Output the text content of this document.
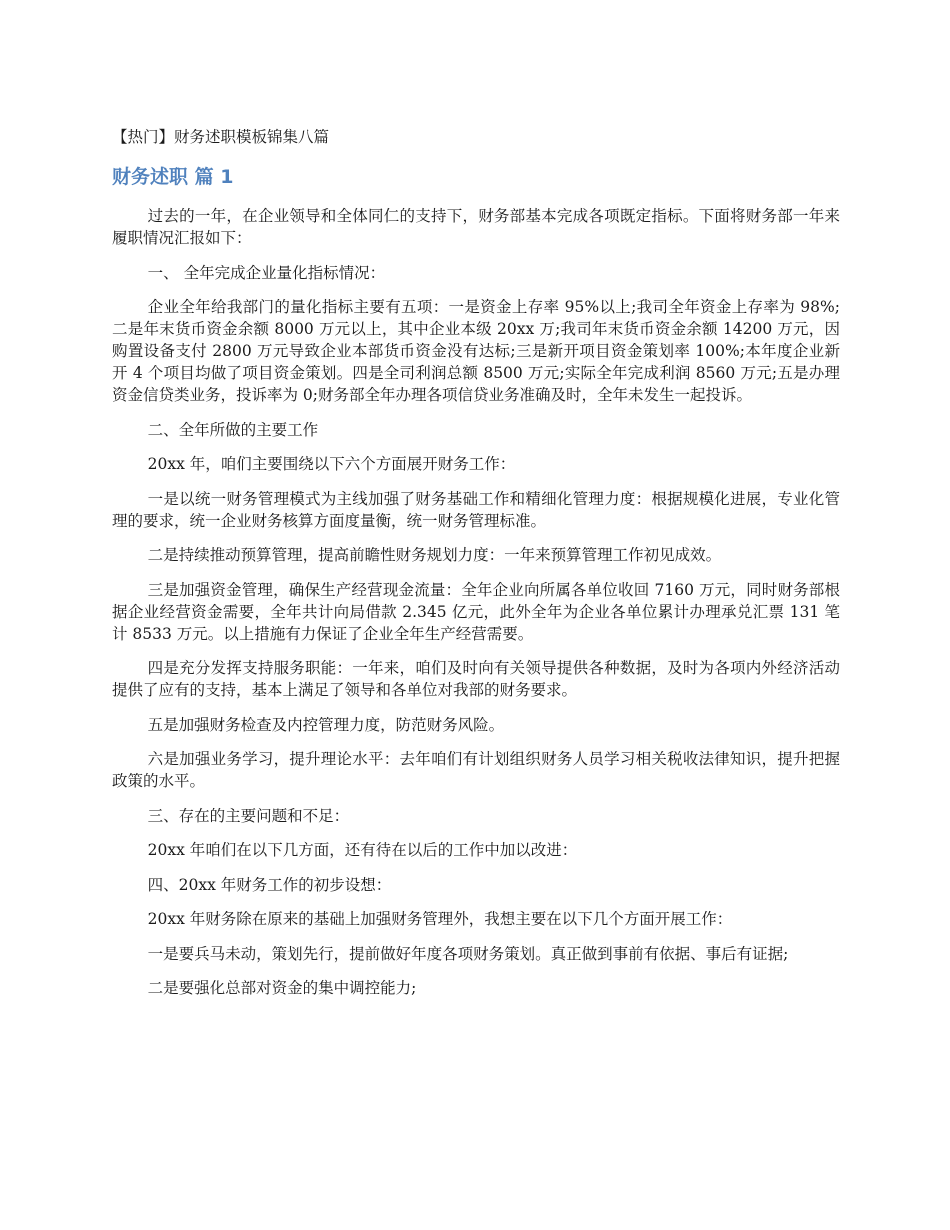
【热门】财务述职模板锦集八篇
财务述职 篇 1

过去的一年，在企业领导和全体同仁的支持下，财务部基本完成各项既定指标。下面将财务部一年来履职情况汇报如下：

一、 全年完成企业量化指标情况：

企业全年给我部门的量化指标主要有五项：一是资金上存率 95%以上;我司全年资金上存率为 98%;二是年末货币资金余额 8000 万元以上，其中企业本级 20xx 万;我司年末货币资金余额 14200 万元，因购置设备支付 2800 万元导致企业本部货币资金没有达标;三是新开项目资金策划率 100%;本年度企业新开 4 个项目均做了项目资金策划。四是全司利润总额 8500 万元;实际全年完成利润 8560 万元;五是办理资金信贷类业务，投诉率为 0;财务部全年办理各项信贷业务准确及时，全年未发生一起投诉。

二、全年所做的主要工作

20xx 年，咱们主要围绕以下六个方面展开财务工作：

一是以统一财务管理模式为主线加强了财务基础工作和精细化管理力度：根据规模化进展，专业化管理的要求，统一企业财务核算方面度量衡，统一财务管理标准。

二是持续推动预算管理，提高前瞻性财务规划力度：一年来预算管理工作初见成效。

三是加强资金管理，确保生产经营现金流量：全年企业向所属各单位收回 7160 万元，同时财务部根据企业经营资金需要，全年共计向局借款 2.345 亿元，此外全年为企业各单位累计办理承兑汇票 131 笔计 8533 万元。以上措施有力保证了企业全年生产经营需要。

四是充分发挥支持服务职能：一年来，咱们及时向有关领导提供各种数据，及时为各项内外经济活动提供了应有的支持，基本上满足了领导和各单位对我部的财务要求。

五是加强财务检查及内控管理力度，防范财务风险。

六是加强业务学习，提升理论水平：去年咱们有计划组织财务人员学习相关税收法律知识，提升把握政策的水平。

三、存在的主要问题和不足：

20xx 年咱们在以下几方面，还有待在以后的工作中加以改进：

四、20xx 年财务工作的初步设想：

20xx 年财务除在原来的基础上加强财务管理外，我想主要在以下几个方面开展工作：

一是要兵马未动，策划先行，提前做好年度各项财务策划。真正做到事前有依据、事后有证据;

二是要强化总部对资金的集中调控能力;
